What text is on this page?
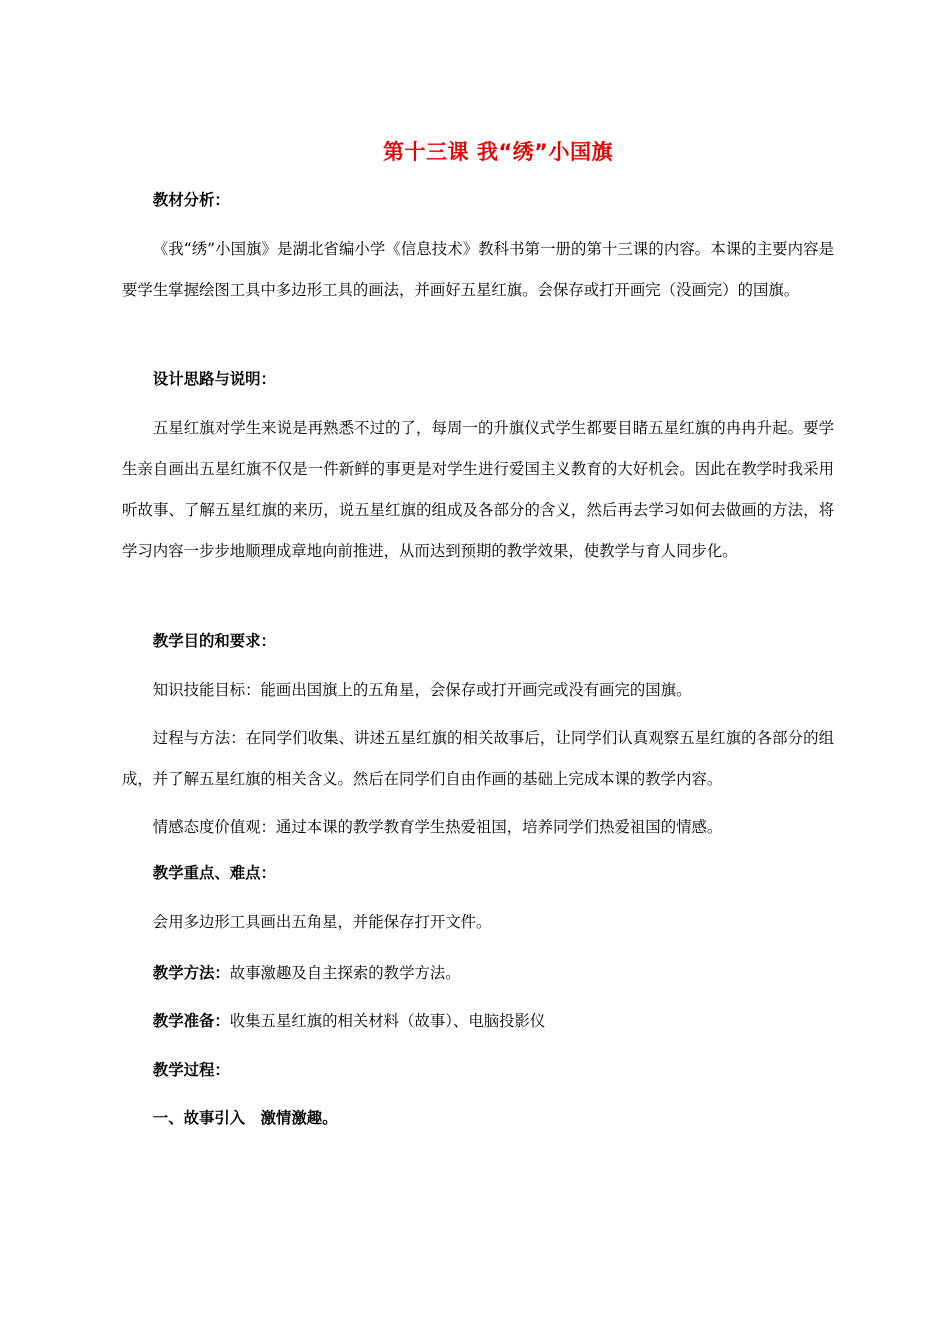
第十三课 我“绣”小国旗
教材分析：
《我“绣”小国旗》是湖北省编小学《信息技术》教科书第一册的第十三课的内容。本课的主要内容是要学生掌握绘图工具中多边形工具的画法，并画好五星红旗。会保存或打开画完（没画完）的国旗。
设计思路与说明：
五星红旗对学生来说是再熟悉不过的了，每周一的升旗仪式学生都要目睹五星红旗的冉冉升起。要学生亲自画出五星红旗不仅是一件新鲜的事更是对学生进行爱国主义教育的大好机会。因此在教学时我采用听故事、了解五星红旗的来历，说五星红旗的组成及各部分的含义，然后再去学习如何去做画的方法，将学习内容一步步地顺理成章地向前推进，从而达到预期的教学效果，使教学与育人同步化。
教学目的和要求：
知识技能目标：能画出国旗上的五角星，会保存或打开画完或没有画完的国旗。
过程与方法：在同学们收集、讲述五星红旗的相关故事后，让同学们认真观察五星红旗的各部分的组成，并了解五星红旗的相关含义。然后在同学们自由作画的基础上完成本课的教学内容。
情感态度价值观：通过本课的教学教育学生热爱祖国，培养同学们热爱祖国的情感。
教学重点、难点：
会用多边形工具画出五角星，并能保存打开文件。
教学方法：故事激趣及自主探索的教学方法。
教学准备：收集五星红旗的相关材料（故事）、电脑投影仪
教学过程：
一、故事引入　激情激趣。
